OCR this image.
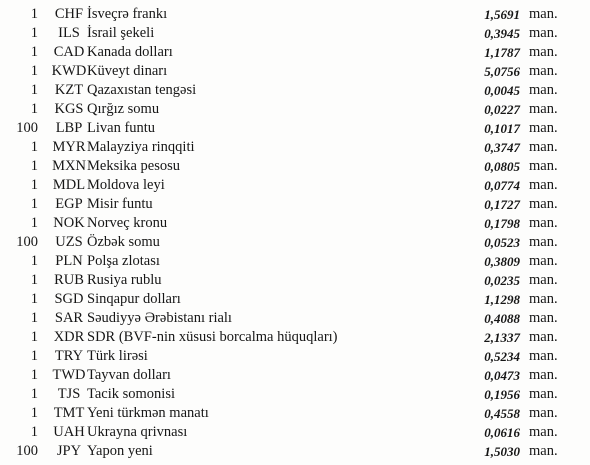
1	CHF İsveçrə frankı	1,5691 man.
1	ILS İsrail şekeli	0,3945 man.
1	CAD Kanada dolları	1,1787 man.
1 KWD Küveyt dinarı	5,0756 man.
1	KZT Qazaxıstan tengəsi	0,0045 man.
1	KGS Qırğız somu	0,0227 man.
100	LBP Livan funtu	0,1017 man.
1 MYR Malayziya rinqqiti	0,3747 man.
1 MXN Meksika pesosu	0,0805 man.
1	MDL Moldova leyi	0,0774 man.
1	EGP Misir funtu	0,1727 man.
1	NOK Norveç kronu	0,1798 man.
100	UZS Özbək somu	0,0523 man.
1	PLN Polşa zlotası	0,3809 man.
1	RUB Rusiya rublu	0,0235 man.
1	SGD Sinqapur dolları	1,1298 man.
1	SAR Səudiyyə Ərəbistanı rialı	0,4088 man.
1	XDR SDR (BVF-nin xüsusi borcalma hüquqları)	2,1337 man.
1	TRY Türk lirəsi	0,5234 man.
1 TWD Tayvan dolları	0,0473 man.
1	TJS Tacik somonisi	0,1956 man.
1	TMT Yeni türkmən manatı	0,4558 man.
1	UAH Ukrayna qrivnası	0,0616 man.
100	JPY Yapon yeni	1,5030 man.
